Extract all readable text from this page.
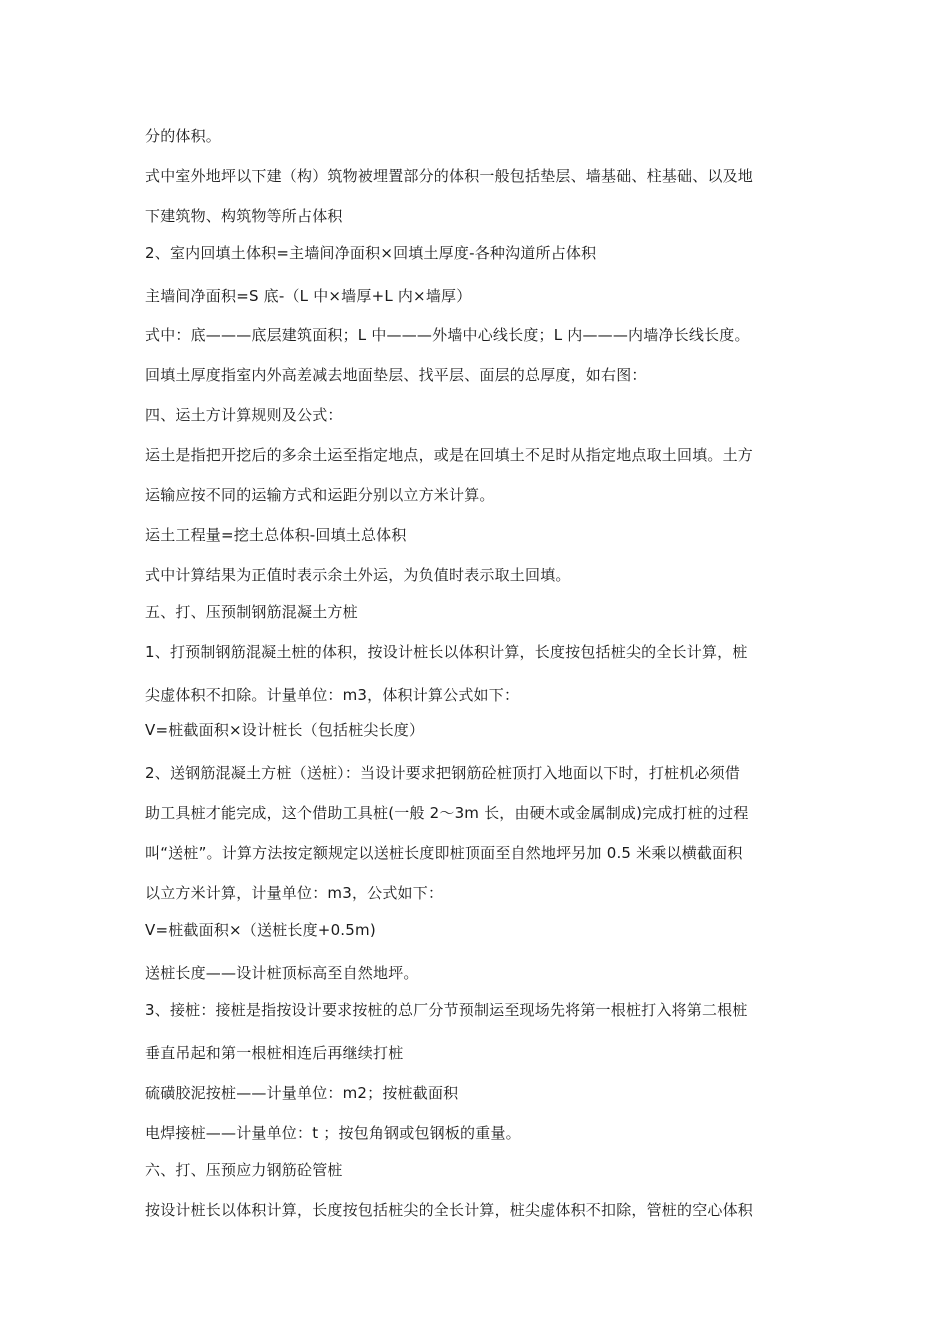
分的体积。
式中室外地坪以下建（构）筑物被埋置部分的体积一般包括垫层、墙基础、柱基础、以及地
下建筑物、构筑物等所占体积
2、室内回填土体积=主墙间净面积×回填土厚度-各种沟道所占体积
主墙间净面积=S 底-（L 中×墙厚+L 内×墙厚）
式中：底———底层建筑面积；L 中———外墙中心线长度；L 内———内墙净长线长度。
回填土厚度指室内外高差减去地面垫层、找平层、面层的总厚度，如右图：
四、运土方计算规则及公式：
运土是指把开挖后的多余土运至指定地点，或是在回填土不足时从指定地点取土回填。土方
运输应按不同的运输方式和运距分别以立方米计算。
运土工程量=挖土总体积-回填土总体积
式中计算结果为正值时表示余土外运，为负值时表示取土回填。
五、打、压预制钢筋混凝土方桩
1、打预制钢筋混凝土桩的体积，按设计桩长以体积计算，长度按包括桩尖的全长计算，桩
尖虚体积不扣除。计量单位：m3，体积计算公式如下：
V=桩截面积×设计桩长（包括桩尖长度）
2、送钢筋混凝土方桩（送桩）：当设计要求把钢筋砼桩顶打入地面以下时，打桩机必须借
助工具桩才能完成，这个借助工具桩(一般 2～3m 长，由硬木或金属制成)完成打桩的过程
叫“送桩”。计算方法按定额规定以送桩长度即桩顶面至自然地坪另加 0.5 米乘以横截面积
以立方米计算，计量单位：m3，公式如下：
V=桩截面积×（送桩长度+0.5m)
送桩长度——设计桩顶标高至自然地坪。
3、接桩：接桩是指按设计要求按桩的总厂分节预制运至现场先将第一根桩打入将第二根桩
垂直吊起和第一根桩相连后再继续打桩
硫磺胶泥按桩——计量单位：m2；按桩截面积
电焊接桩——计量单位：t ；按包角钢或包钢板的重量。
六、打、压预应力钢筋砼管桩
按设计桩长以体积计算，长度按包括桩尖的全长计算，桩尖虚体积不扣除，管桩的空心体积
